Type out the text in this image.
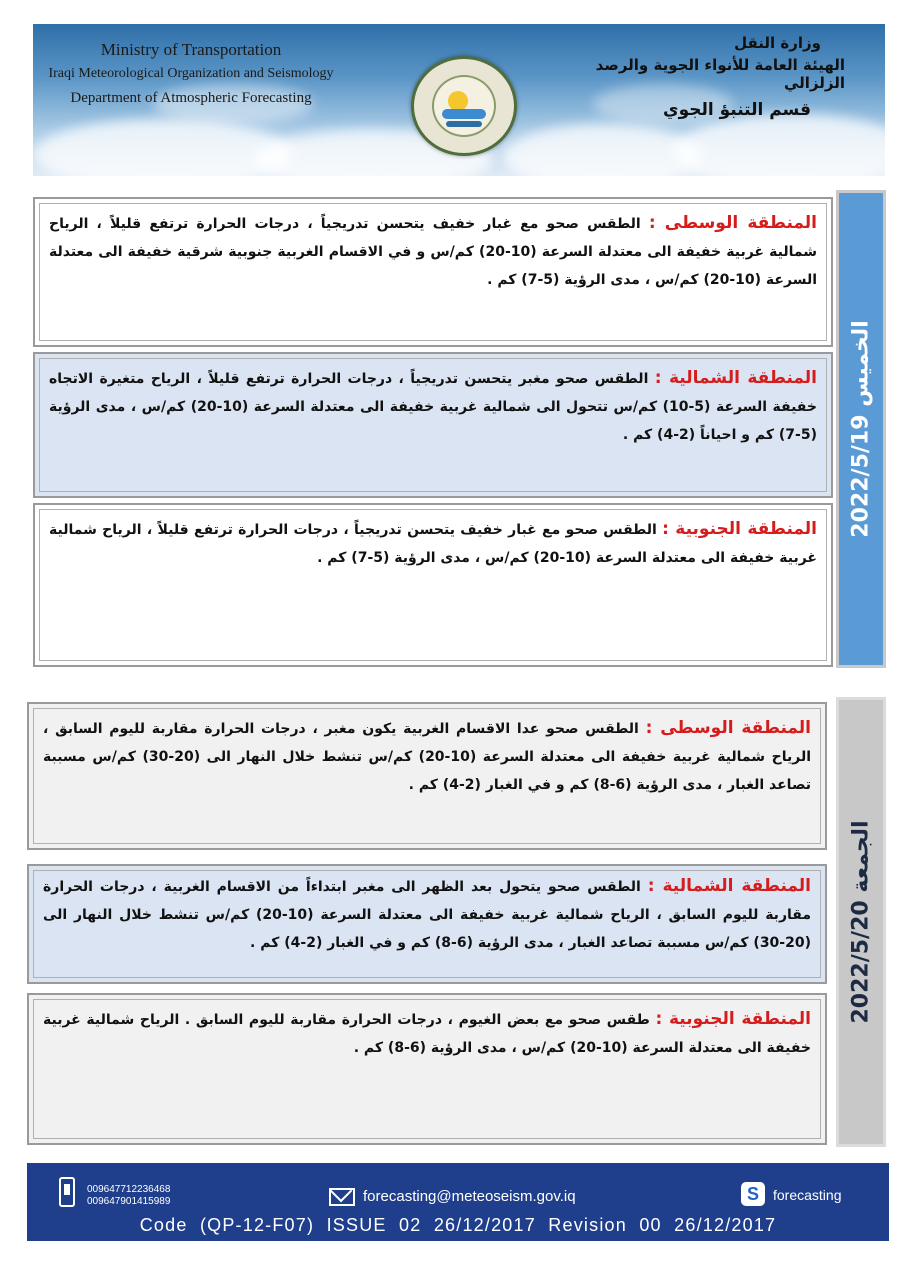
Ministry of Transportation
Iraqi Meteorological Organization and Seismology
Department of Atmospheric Forecasting
وزارة النقل
الهيئة العامة للأنواء الجوية والرصد الزلزالي
قسم التنبؤ الجوي
الخميس 2022/5/19

المنطقة الوسطى : الطقس صحو مع غبار خفيف يتحسن تدريجياً ، درجات الحرارة ترتفع قليلاً ، الرياح شمالية غربية خفيفة الى معتدلة السرعة (10-20) كم/س و في الاقسام الغربية جنوبية شرقية خفيفة الى معتدلة السرعة (10-20) كم/س ، مدى الرؤية (5-7) كم .

المنطقة الشمالية : الطقس صحو مغبر يتحسن تدريجياً ، درجات الحرارة ترتفع قليلاً ، الرياح متغيرة الاتجاه خفيفة السرعة (5-10) كم/س تتحول الى شمالية غربية خفيفة الى معتدلة السرعة (10-20) كم/س ، مدى الرؤية (5-7) كم و احياناً (2-4) كم .

المنطقة الجنوبية : الطقس صحو مع غبار خفيف يتحسن تدريجياً ، درجات الحرارة ترتفع قليلاً ، الرياح شمالية غربية خفيفة الى معتدلة السرعة (10-20) كم/س ، مدى الرؤية (5-7) كم .

الجمعة 2022/5/20

المنطقة الوسطى : الطقس صحو عدا الاقسام الغربية يكون مغبر ، درجات الحرارة مقاربة لليوم السابق ، الرياح شمالية غربية خفيفة الى معتدلة السرعة (10-20) كم/س تنشط خلال النهار الى (20-30) كم/س مسببة تصاعد الغبار ، مدى الرؤية (6-8) كم و في الغبار (2-4) كم .

المنطقة الشمالية : الطقس صحو يتحول بعد الظهر الى مغبر ابتداءاً من الاقسام الغربية ، درجات الحرارة مقاربة لليوم السابق ، الرياح شمالية غربية خفيفة الى معتدلة السرعة (10-20) كم/س تنشط خلال النهار الى (20-30) كم/س مسببة تصاعد الغبار ، مدى الرؤية (6-8) كم و في الغبار (2-4) كم .

المنطقة الجنوبية : طقس صحو مع بعض الغيوم ، درجات الحرارة مقاربة لليوم السابق . الرياح شمالية غربية خفيفة الى معتدلة السرعة (10-20) كم/س ، مدى الرؤية (6-8) كم .

009647712236468
009647901415989	forecasting@meteoseism.gov.iq	S	forecasting
Code  (QP-12-F07)  ISSUE  02  26/12/2017  Revision  00  26/12/2017
